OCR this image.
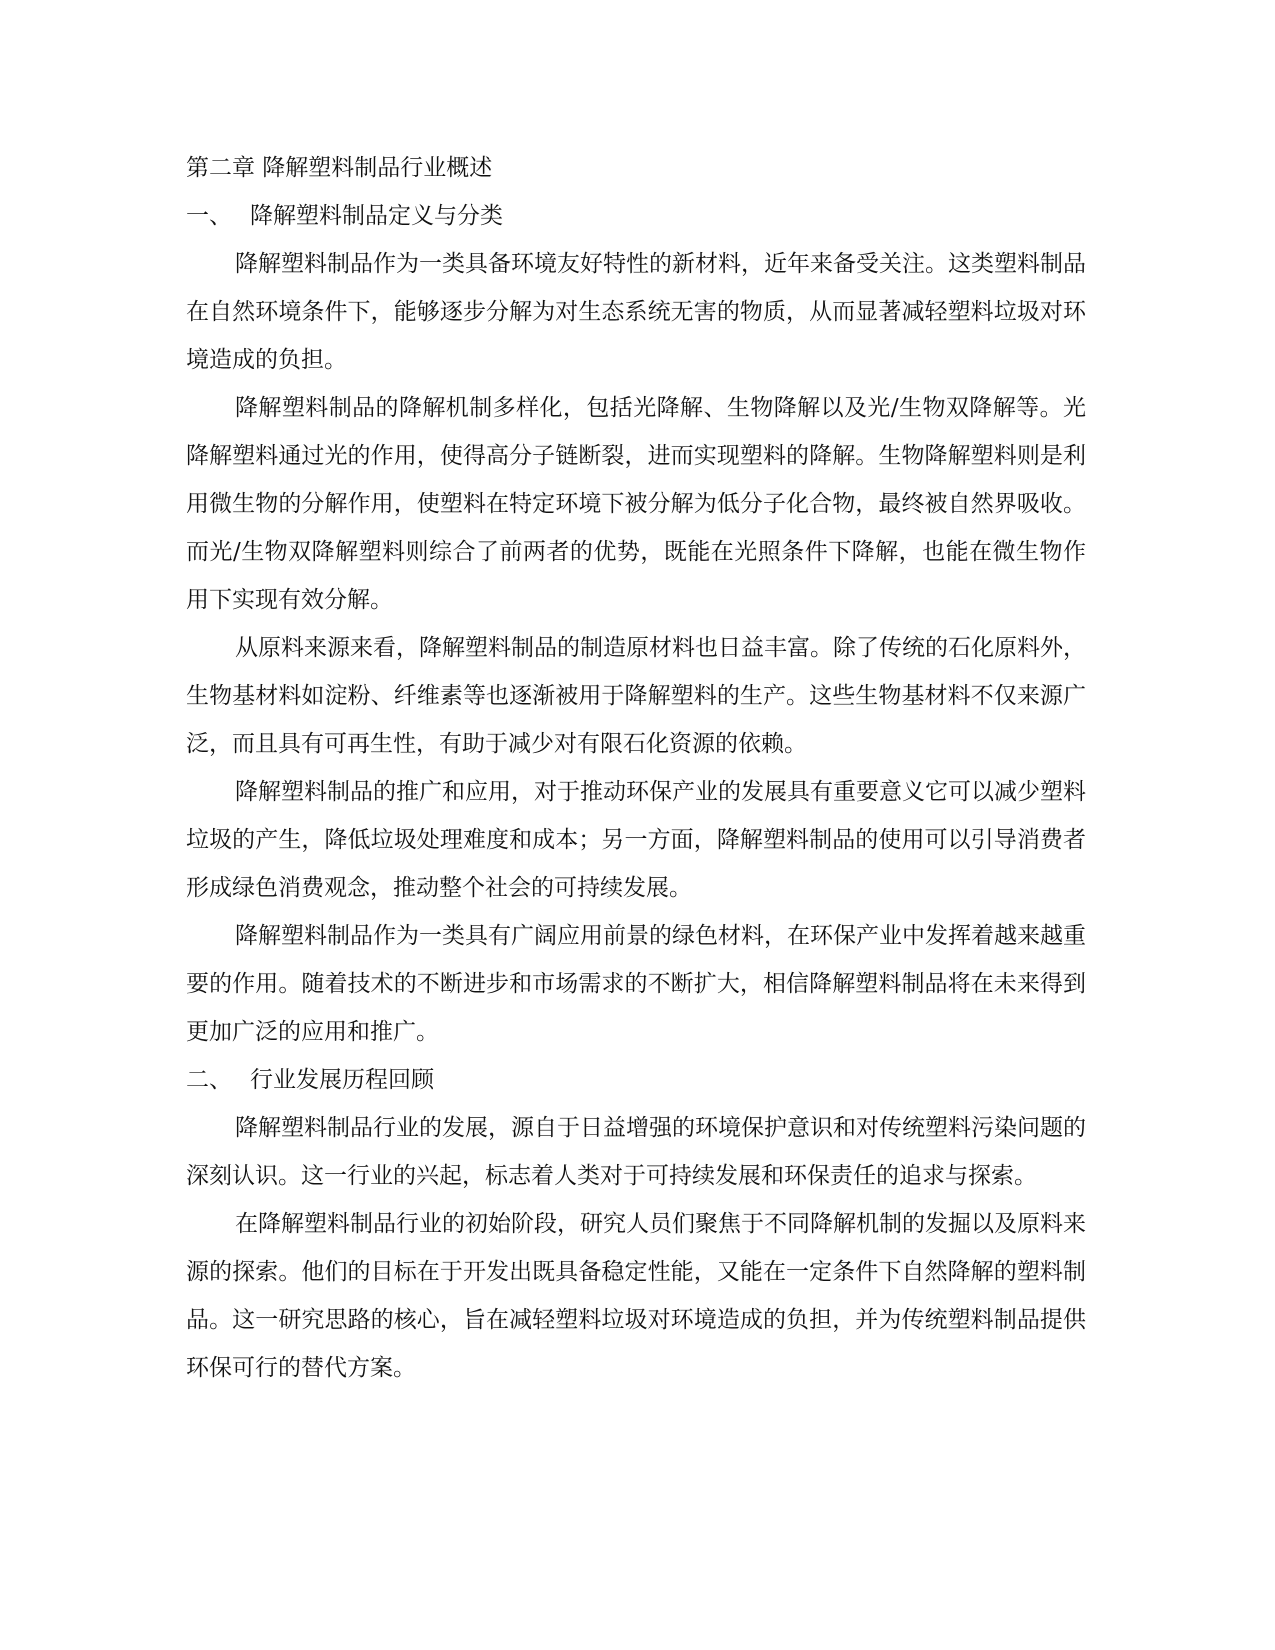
第二章 降解塑料制品行业概述
一、 降解塑料制品定义与分类

降解塑料制品作为一类具备环境友好特性的新材料，近年来备受关注。这类塑料制品在自然环境条件下，能够逐步分解为对生态系统无害的物质，从而显著减轻塑料垃圾对环境造成的负担。

降解塑料制品的降解机制多样化，包括光降解、生物降解以及光/生物双降解等。光降解塑料通过光的作用，使得高分子链断裂，进而实现塑料的降解。生物降解塑料则是利用微生物的分解作用，使塑料在特定环境下被分解为低分子化合物，最终被自然界吸收。而光/生物双降解塑料则综合了前两者的优势，既能在光照条件下降解，也能在微生物作用下实现有效分解。

从原料来源来看，降解塑料制品的制造原材料也日益丰富。除了传统的石化原料外，生物基材料如淀粉、纤维素等也逐渐被用于降解塑料的生产。这些生物基材料不仅来源广泛，而且具有可再生性，有助于减少对有限石化资源的依赖。

降解塑料制品的推广和应用，对于推动环保产业的发展具有重要意义它可以减少塑料垃圾的产生，降低垃圾处理难度和成本；另一方面，降解塑料制品的使用可以引导消费者形成绿色消费观念，推动整个社会的可持续发展。

降解塑料制品作为一类具有广阔应用前景的绿色材料，在环保产业中发挥着越来越重要的作用。随着技术的不断进步和市场需求的不断扩大，相信降解塑料制品将在未来得到更加广泛的应用和推广。

二、 行业发展历程回顾

降解塑料制品行业的发展，源自于日益增强的环境保护意识和对传统塑料污染问题的深刻认识。这一行业的兴起，标志着人类对于可持续发展和环保责任的追求与探索。

在降解塑料制品行业的初始阶段，研究人员们聚焦于不同降解机制的发掘以及原料来源的探索。他们的目标在于开发出既具备稳定性能，又能在一定条件下自然降解的塑料制品。这一研究思路的核心，旨在减轻塑料垃圾对环境造成的负担，并为传统塑料制品提供环保可行的替代方案。
